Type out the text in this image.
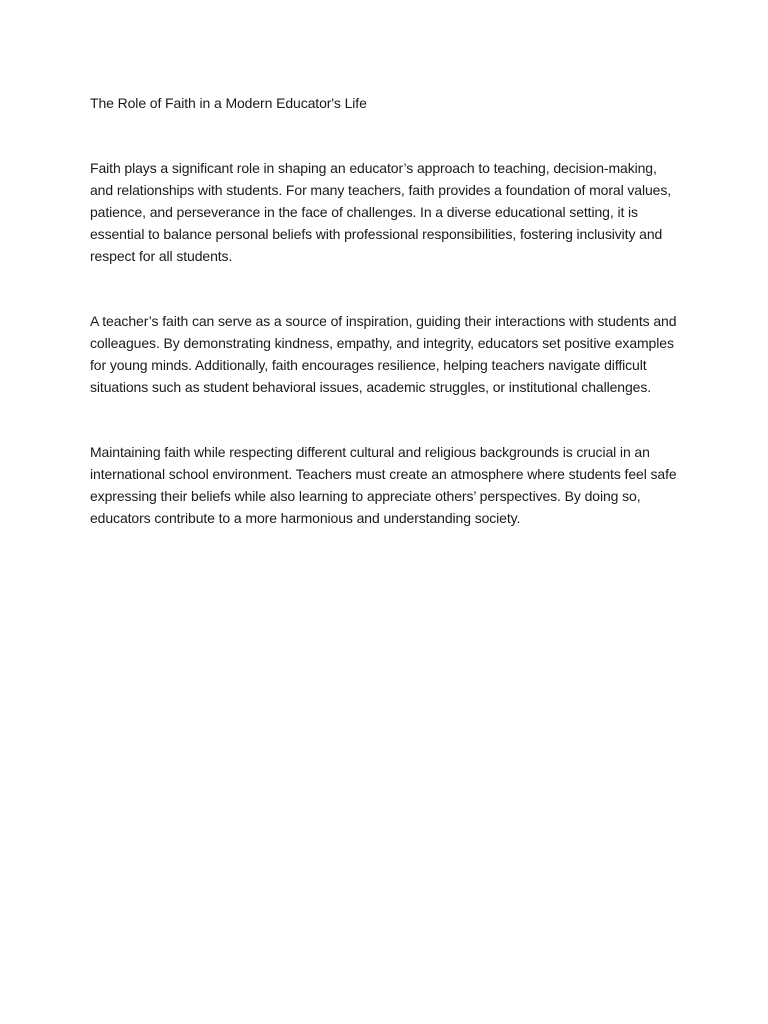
The Role of Faith in a Modern Educator's Life

Faith plays a significant role in shaping an educator’s approach to teaching, decision-making, and relationships with students. For many teachers, faith provides a foundation of moral values, patience, and perseverance in the face of challenges. In a diverse educational setting, it is essential to balance personal beliefs with professional responsibilities, fostering inclusivity and respect for all students.

A teacher’s faith can serve as a source of inspiration, guiding their interactions with students and colleagues. By demonstrating kindness, empathy, and integrity, educators set positive examples for young minds. Additionally, faith encourages resilience, helping teachers navigate difficult situations such as student behavioral issues, academic struggles, or institutional challenges.

Maintaining faith while respecting different cultural and religious backgrounds is crucial in an international school environment. Teachers must create an atmosphere where students feel safe expressing their beliefs while also learning to appreciate others’ perspectives. By doing so, educators contribute to a more harmonious and understanding society.
